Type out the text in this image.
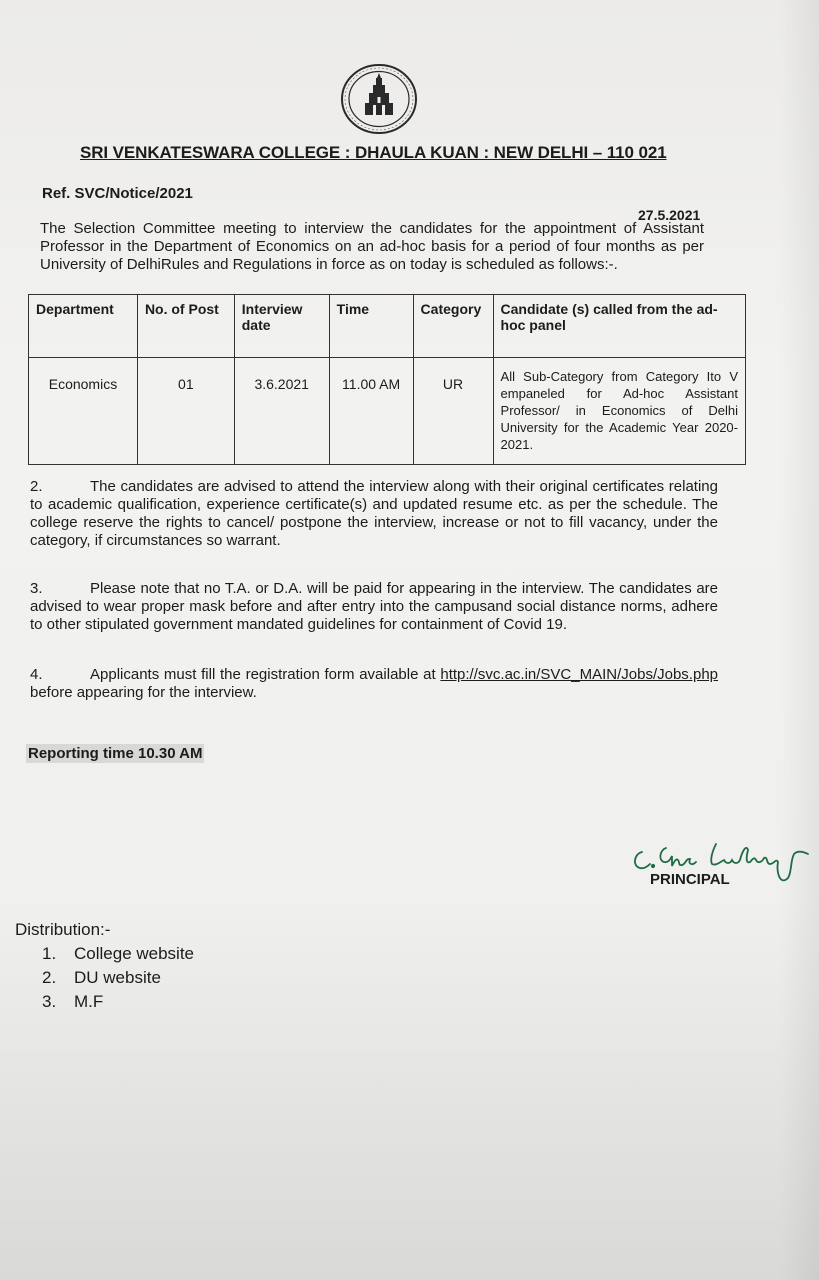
SRI VENKATESWARA COLLEGE : DHAULA KUAN : NEW DELHI – 110 021
Ref. SVC/Notice/2021
27.5.2021
The Selection Committee meeting to interview the candidates for the appointment of Assistant Professor in the Department of Economics on an ad-hoc basis for a period of four months as per University of DelhiRules and Regulations in force as on today is scheduled as follows:-.
Department	No. of Post	Interview date	Time	Category	Candidate (s) called from the ad-hoc panel
Economics	01	3.6.2021	11.00 AM	UR	All Sub-Category from Category Ito V empaneled for Ad-hoc Assistant Professor/ in Economics of Delhi University for the Academic Year 2020-2021.
2.	The candidates are advised to attend the interview along with their original certificates relating to academic qualification, experience certificate(s) and updated resume etc. as per the schedule. The college reserve the rights to cancel/ postpone the interview, increase or not to fill vacancy, under the category, if circumstances so warrant.
3.	Please note that no T.A. or D.A. will be paid for appearing in the interview. The candidates are advised to wear proper mask before and after entry into the campusand social distance norms, adhere to other stipulated government mandated guidelines for containment of Covid 19.
4.	Applicants must fill the registration form available at http://svc.ac.in/SVC_MAIN/Jobs/Jobs.php before appearing for the interview.
Reporting time 10.30 AM
PRINCIPAL
Distribution:-
1. College website
2. DU website
3. M.F
